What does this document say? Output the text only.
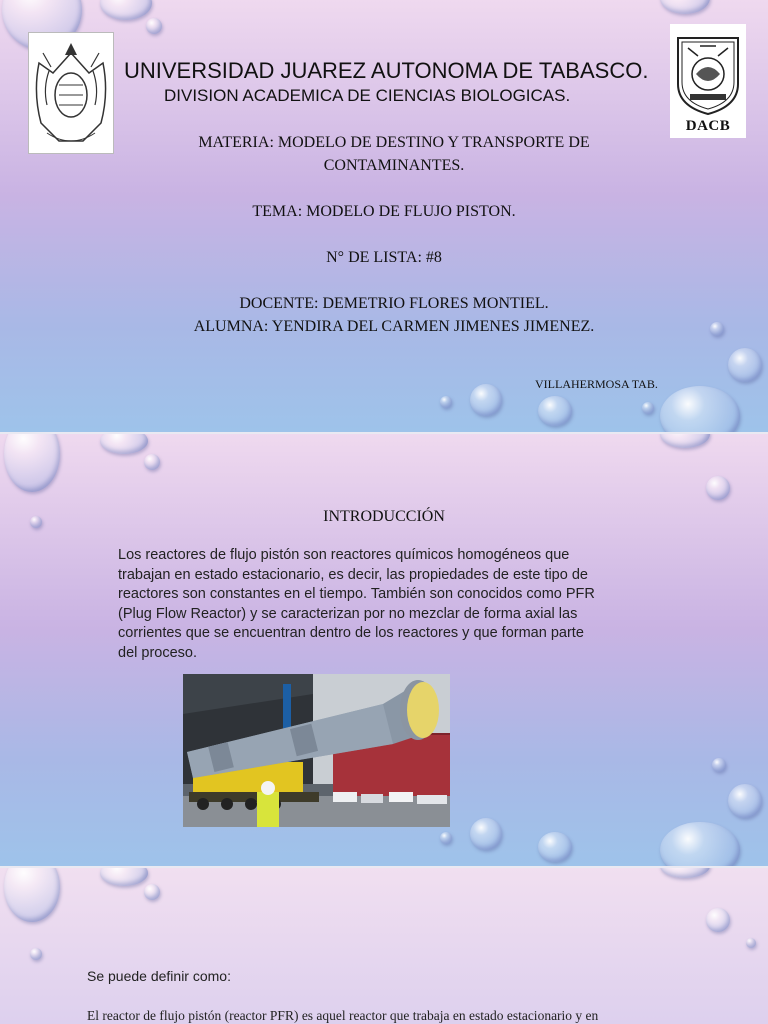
DACB
UNIVERSIDAD JUAREZ AUTONOMA DE TABASCO.
DIVISION ACADEMICA DE CIENCIAS BIOLOGICAS.
MATERIA: MODELO DE DESTINO Y TRANSPORTE DE
CONTAMINANTES.
TEMA: MODELO DE FLUJO PISTON.
N° DE LISTA: #8
DOCENTE: DEMETRIO FLORES MONTIEL.
ALUMNA: YENDIRA DEL CARMEN JIMENES JIMENEZ.
VILLAHERMOSA TAB.
INTRODUCCIÓN
Los reactores de flujo pistón son reactores químicos homogéneos que
trabajan en estado estacionario, es decir, las propiedades de este tipo de
reactores son constantes en el tiempo. También son conocidos como PFR
(Plug Flow Reactor) y se caracterizan por no mezclar de forma axial las
corrientes que se encuentran dentro de los reactores y que forman parte
del proceso.
Se puede definir como:
El reactor de flujo pistón (reactor PFR) es aquel reactor que trabaja en estado estacionario y en
